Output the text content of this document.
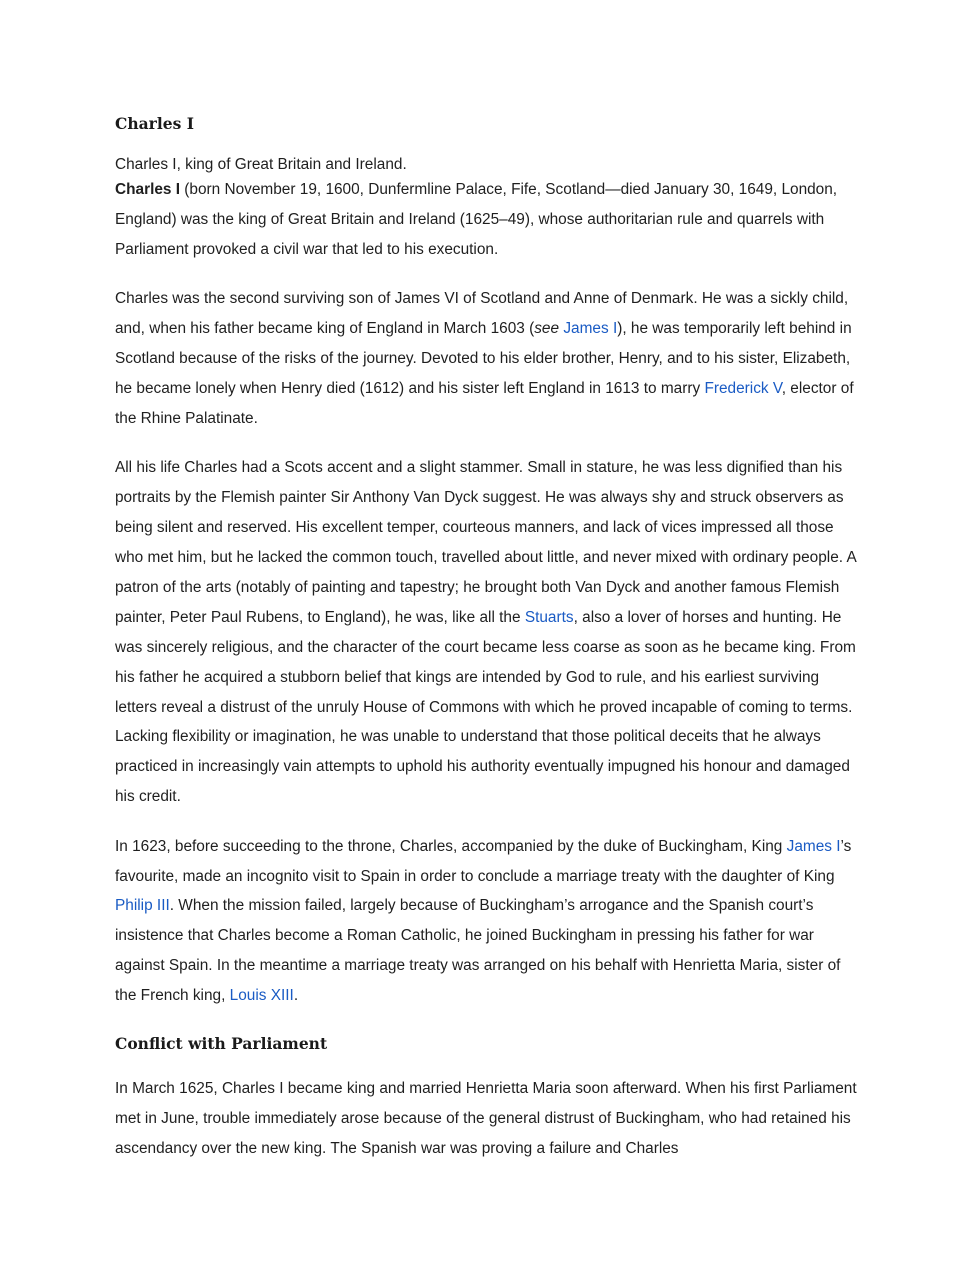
Charles I
Charles I, king of Great Britain and Ireland.

Charles I (born November 19, 1600, Dunfermline Palace, Fife, Scotland—died January 30, 1649, London, England) was the king of Great Britain and Ireland (1625–49), whose authoritarian rule and quarrels with Parliament provoked a civil war that led to his execution.

Charles was the second surviving son of James VI of Scotland and Anne of Denmark. He was a sickly child, and, when his father became king of England in March 1603 (see James I), he was temporarily left behind in Scotland because of the risks of the journey. Devoted to his elder brother, Henry, and to his sister, Elizabeth, he became lonely when Henry died (1612) and his sister left England in 1613 to marry Frederick V, elector of the Rhine Palatinate.

All his life Charles had a Scots accent and a slight stammer. Small in stature, he was less dignified than his portraits by the Flemish painter Sir Anthony Van Dyck suggest. He was always shy and struck observers as being silent and reserved. His excellent temper, courteous manners, and lack of vices impressed all those who met him, but he lacked the common touch, travelled about little, and never mixed with ordinary people. A patron of the arts (notably of painting and tapestry; he brought both Van Dyck and another famous Flemish painter, Peter Paul Rubens, to England), he was, like all the Stuarts, also a lover of horses and hunting. He was sincerely religious, and the character of the court became less coarse as soon as he became king. From his father he acquired a stubborn belief that kings are intended by God to rule, and his earliest surviving letters reveal a distrust of the unruly House of Commons with which he proved incapable of coming to terms. Lacking flexibility or imagination, he was unable to understand that those political deceits that he always practiced in increasingly vain attempts to uphold his authority eventually impugned his honour and damaged his credit.

In 1623, before succeeding to the throne, Charles, accompanied by the duke of Buckingham, King James I’s favourite, made an incognito visit to Spain in order to conclude a marriage treaty with the daughter of King Philip III. When the mission failed, largely because of Buckingham’s arrogance and the Spanish court’s insistence that Charles become a Roman Catholic, he joined Buckingham in pressing his father for war against Spain. In the meantime a marriage treaty was arranged on his behalf with Henrietta Maria, sister of the French king, Louis XIII.

Conflict with Parliament

In March 1625, Charles I became king and married Henrietta Maria soon afterward. When his first Parliament met in June, trouble immediately arose because of the general distrust of Buckingham, who had retained his ascendancy over the new king. The Spanish war was proving a failure and Charles
